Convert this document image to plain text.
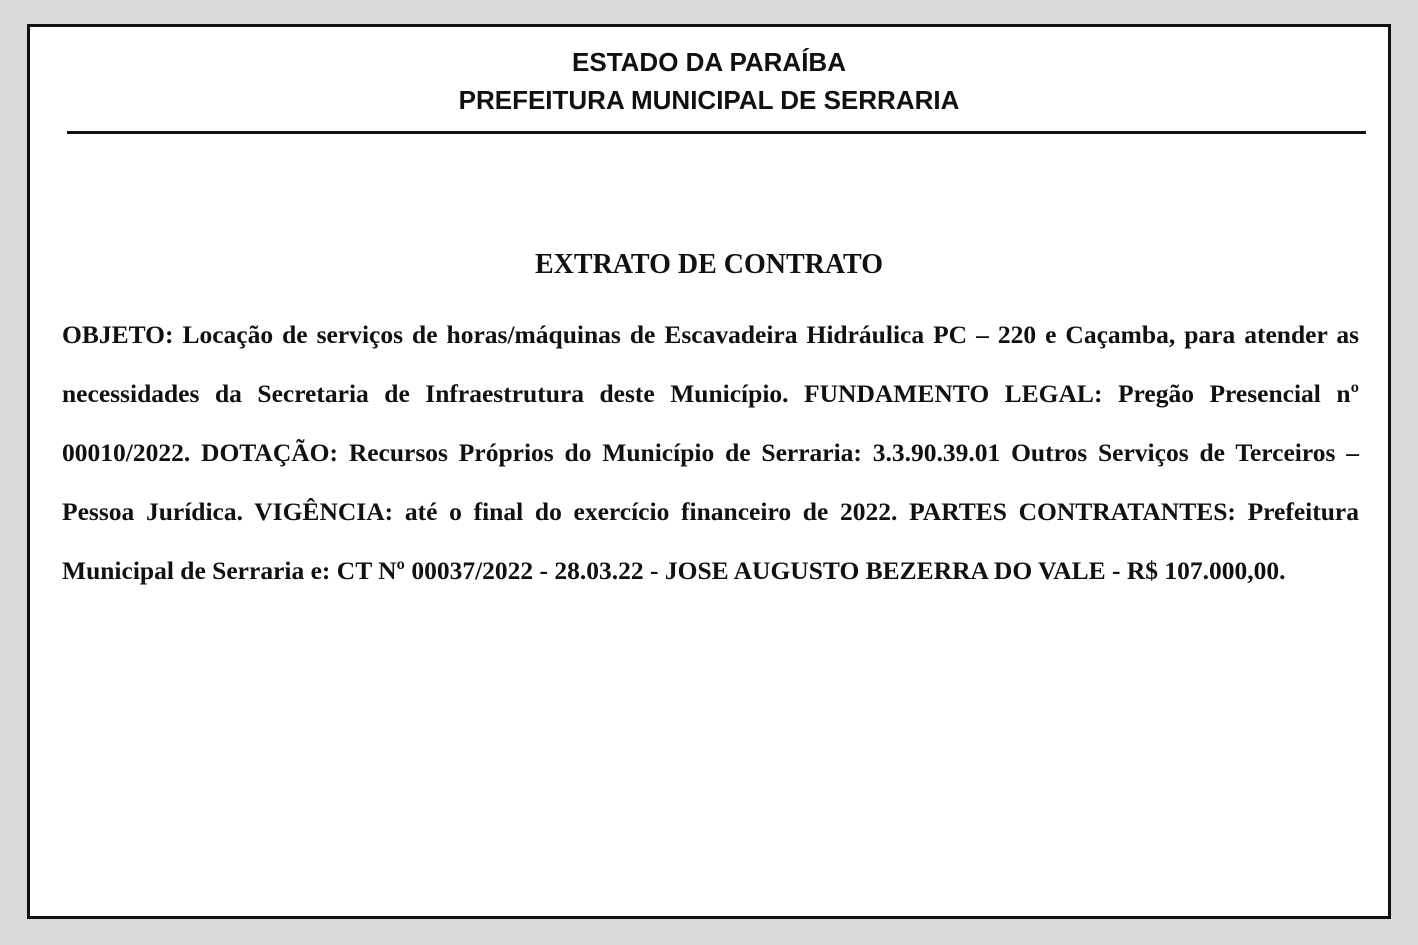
ESTADO DA PARAÍBA
PREFEITURA MUNICIPAL DE SERRARIA
EXTRATO DE CONTRATO

OBJETO: Locação de serviços de horas/máquinas de Escavadeira Hidráulica PC – 220 e Caçamba, para atender as necessidades da Secretaria de Infraestrutura deste Município. FUNDAMENTO LEGAL: Pregão Presencial nº 00010/2022. DOTAÇÃO: Recursos Próprios do Município de Serraria: 3.3.90.39.01 Outros Serviços de Terceiros – Pessoa Jurídica. VIGÊNCIA: até o final do exercício financeiro de 2022. PARTES CONTRATANTES: Prefeitura Municipal de Serraria e: CT Nº 00037/2022 - 28.03.22 - JOSE AUGUSTO BEZERRA DO VALE - R$ 107.000,00.
